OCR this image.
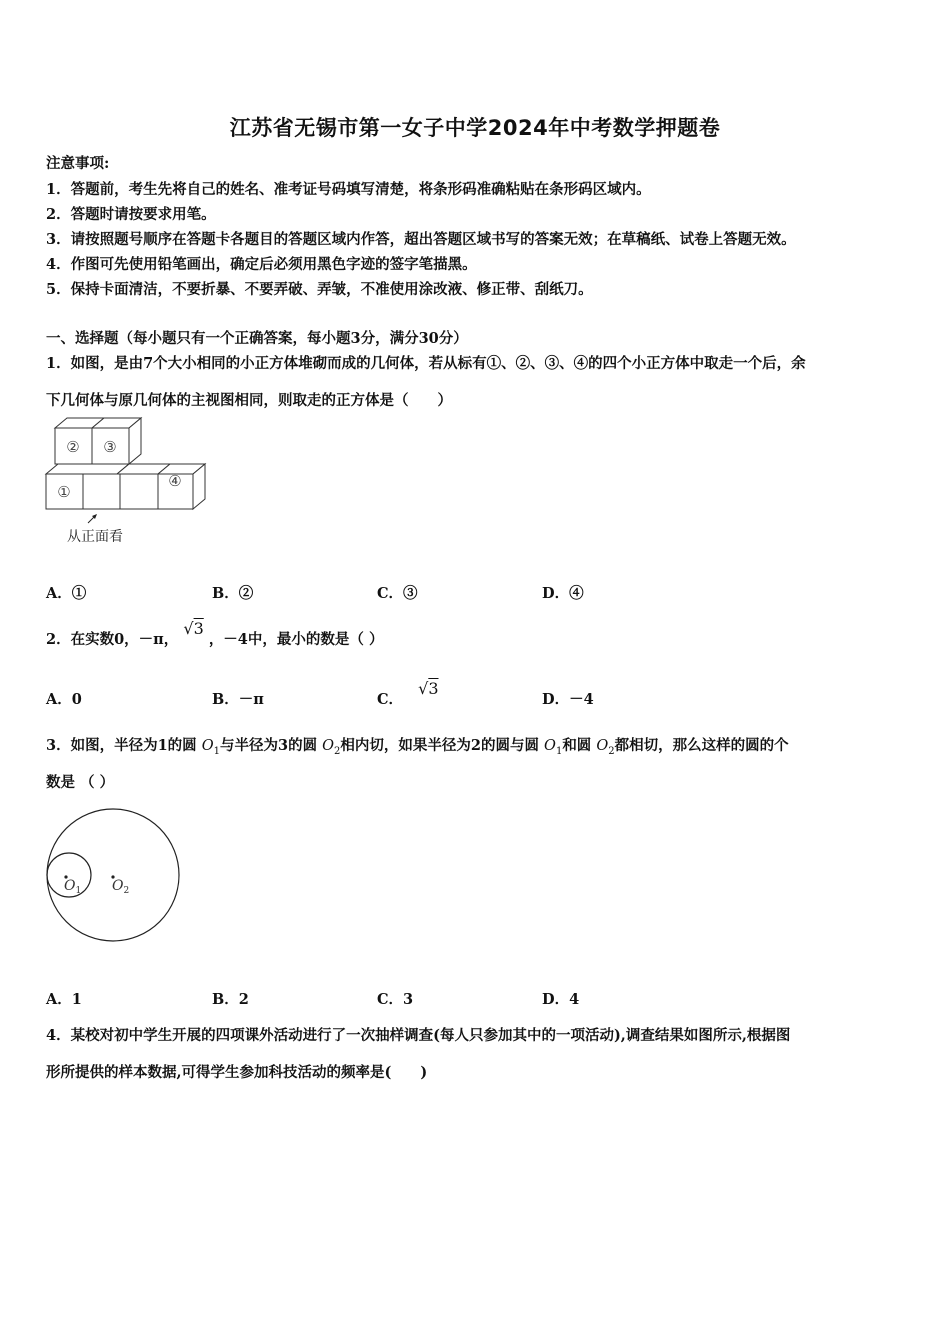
江苏省无锡市第一女子中学2024年中考数学押题卷
注意事项:
1．答题前，考生先将自己的姓名、准考证号码填写清楚，将条形码准确粘贴在条形码区域内。
2．答题时请按要求用笔。
3．请按照题号顺序在答题卡各题目的答题区域内作答，超出答题区域书写的答案无效；在草稿纸、试卷上答题无效。
4．作图可先使用铅笔画出，确定后必须用黑色字迹的签字笔描黑。
5．保持卡面清洁，不要折暴、不要弄破、弄皱，不准使用涂改液、修正带、刮纸刀。
一、选择题（每小题只有一个正确答案，每小题3分，满分30分）
1．如图，是由7个大小相同的小正方体堆砌而成的几何体，若从标有①、②、③、④的四个小正方体中取走一个后，余
下几何体与原几何体的主视图相同，则取走的正方体是（　　）
② ③
①
④
从正面看
A．①	B．②	C．③	D．④
2．在实数0，－π， √3 ，－4中，最小的数是（ ）
A．0	B．－π	C． √3
D．－4
3．如图，半径为1的圆 $O_1$与半径为3的圆 $O_2$相内切，如果半径为2的圆与圆 $O_1$和圆 $O_2$都相切，那么这样的圆的个
数是 （ ）
$O_1$ $O_2$
A．1	B．2	C．3	D．4
4．某校对初中学生开展的四项课外活动进行了一次抽样调查(每人只参加其中的一项活动),调查结果如图所示,根据图
形所提供的样本数据,可得学生参加科技活动的频率是(　　)
